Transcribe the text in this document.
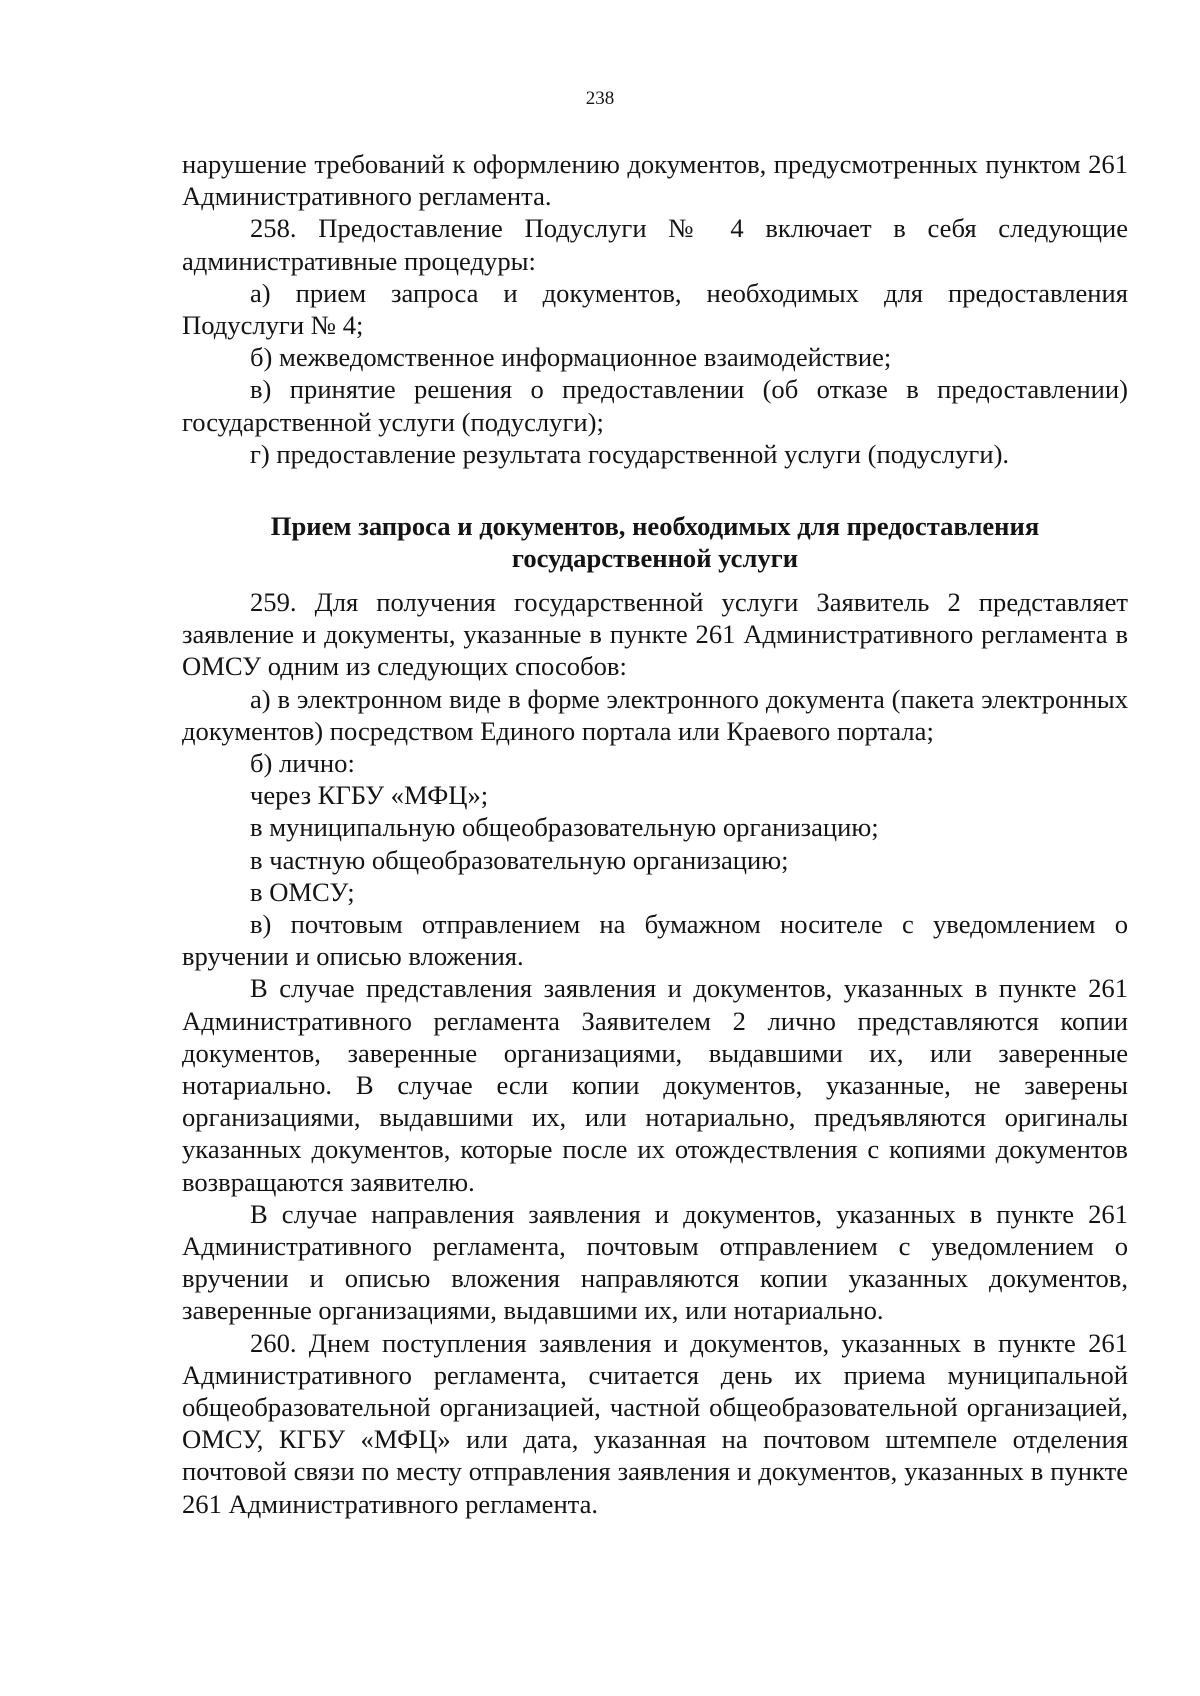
238

нарушение требований к оформлению документов, предусмотренных пунктом 261 Административного регламента.

258. Предоставление Подуслуги № 4 включает в себя следующие административные процедуры:

а) прием запроса и документов, необходимых для предоставления Подуслуги № 4;

б) межведомственное информационное взаимодействие;

в) принятие решения о предоставлении (об отказе в предоставлении) государственной услуги (подуслуги);

г) предоставление результата государственной услуги (подуслуги).

Прием запроса и документов, необходимых для предоставления
государственной услуги

259. Для получения государственной услуги Заявитель 2 представляет заявление и документы, указанные в пункте 261 Административного регламента в ОМСУ одним из следующих способов:

а) в электронном виде в форме электронного документа (пакета электронных документов) посредством Единого портала или Краевого портала;

б) лично:

через КГБУ «МФЦ»;

в муниципальную общеобразовательную организацию;

в частную общеобразовательную организацию;

в ОМСУ;

в) почтовым отправлением на бумажном носителе с уведомлением о вручении и описью вложения.

В случае представления заявления и документов, указанных в пункте 261 Административного регламента Заявителем 2 лично представляются копии документов, заверенные организациями, выдавшими их, или заверенные нотариально. В случае если копии документов, указанные, не заверены организациями, выдавшими их, или нотариально, предъявляются оригиналы указанных документов, которые после их отождествления с копиями документов возвращаются заявителю.

В случае направления заявления и документов, указанных в пункте 261 Административного регламента, почтовым отправлением с уведомлением о вручении и описью вложения направляются копии указанных документов, заверенные организациями, выдавшими их, или нотариально.

260. Днем поступления заявления и документов, указанных в пункте 261 Административного регламента, считается день их приема муниципальной общеобразовательной организацией, частной общеобразовательной организацией, ОМСУ, КГБУ «МФЦ» или дата, указанная на почтовом штемпеле отделения почтовой связи по месту отправления заявления и документов, указанных в пункте 261 Административного регламента.
